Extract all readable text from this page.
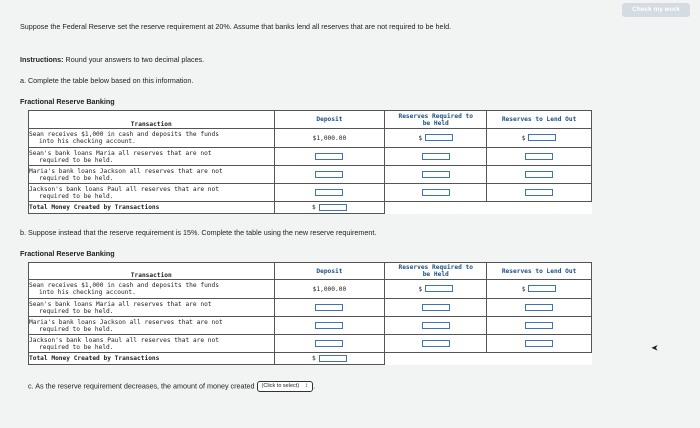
Check my work
Suppose the Federal Reserve set the reserve requirement at 20%. Assume that banks lend all reserves that are not required to be held.
Instructions: Round your answers to two decimal places.
a. Complete the table below based on this information.
Fractional Reserve Banking
Transaction	Deposit	Reserves Required to
be Held	Reserves to Lend Out

Sean receives $1,000 in cash and deposits the funds
into his checking account.	$1,000.00	$	$

Sean's bank loans Maria all reserves that are not
required to be held.			

Maria's bank loans Jackson all reserves that are not
required to be held.			

Jackson's bank loans Paul all reserves that are not
required to be held.			

Total Money Created by Transactions	$		
b. Suppose instead that the reserve requirement is 15%. Complete the table using the new reserve requirement.
Fractional Reserve Banking
Transaction	Deposit	Reserves Required to
be Held	Reserves to Lend Out

Sean receives $1,000 in cash and deposits the funds
into his checking account.	$1,000.00	$	$

Sean's bank loans Maria all reserves that are not
required to be held.			

Maria's bank loans Jackson all reserves that are not
required to be held.			

Jackson's bank loans Paul all reserves that are not
required to be held.			

Total Money Created by Transactions	$		
c. As the reserve requirement decreases, the amount of money created (Click to select) ↕ .
➤
